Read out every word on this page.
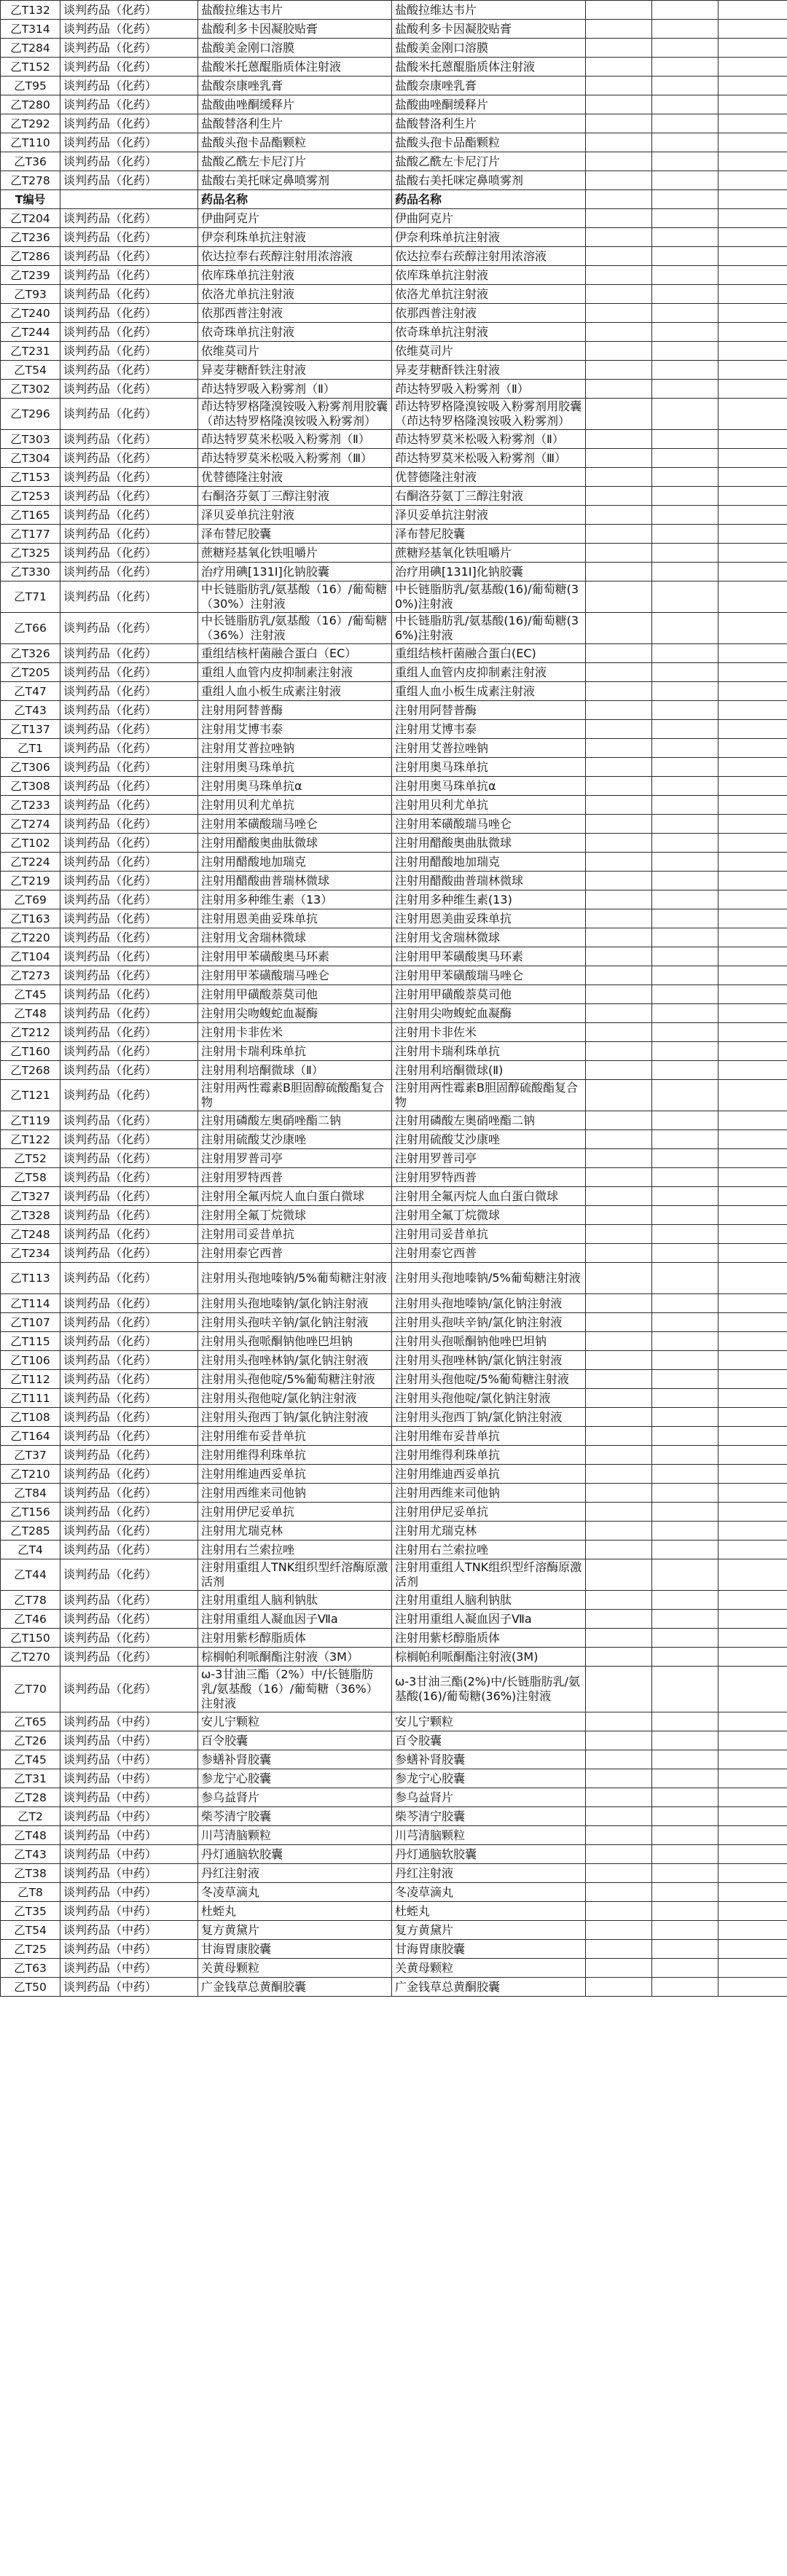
乙T132	谈判药品（化药）	盐酸拉维达韦片	盐酸拉维达韦片			
乙T314	谈判药品（化药）	盐酸利多卡因凝胶贴膏	盐酸利多卡因凝胶贴膏			
乙T284	谈判药品（化药）	盐酸美金刚口溶膜	盐酸美金刚口溶膜			
乙T152	谈判药品（化药）	盐酸米托蒽醌脂质体注射液	盐酸米托蒽醌脂质体注射液			
乙T95	谈判药品（化药）	盐酸奈康唑乳膏	盐酸奈康唑乳膏			
乙T280	谈判药品（化药）	盐酸曲唑酮缓释片	盐酸曲唑酮缓释片			
乙T292	谈判药品（化药）	盐酸替洛利生片	盐酸替洛利生片			
乙T110	谈判药品（化药）	盐酸头孢卡品酯颗粒	盐酸头孢卡品酯颗粒			
乙T36	谈判药品（化药）	盐酸乙酰左卡尼汀片	盐酸乙酰左卡尼汀片			
乙T278	谈判药品（化药）	盐酸右美托咪定鼻喷雾剂	盐酸右美托咪定鼻喷雾剂			
T编号		药品名称	药品名称			
乙T204	谈判药品（化药）	伊曲阿克片	伊曲阿克片			
乙T236	谈判药品（化药）	伊奈利珠单抗注射液	伊奈利珠单抗注射液			
乙T286	谈判药品（化药）	依达拉奉右莰醇注射用浓溶液	依达拉奉右莰醇注射用浓溶液			
乙T239	谈判药品（化药）	依库珠单抗注射液	依库珠单抗注射液			
乙T93	谈判药品（化药）	依洛尤单抗注射液	依洛尤单抗注射液			
乙T240	谈判药品（化药）	依那西普注射液	依那西普注射液			
乙T244	谈判药品（化药）	依奇珠单抗注射液	依奇珠单抗注射液			
乙T231	谈判药品（化药）	依维莫司片	依维莫司片			
乙T54	谈判药品（化药）	异麦芽糖酐铁注射液	异麦芽糖酐铁注射液			
乙T302	谈判药品（化药）	茚达特罗吸入粉雾剂（Ⅱ）	茚达特罗吸入粉雾剂（Ⅱ）			
乙T296	谈判药品（化药）	茚达特罗格隆溴铵吸入粉雾剂用胶囊（茚达特罗格隆溴铵吸入粉雾剂）	茚达特罗格隆溴铵吸入粉雾剂用胶囊（茚达特罗格隆溴铵吸入粉雾剂）			
乙T303	谈判药品（化药）	茚达特罗莫米松吸入粉雾剂（Ⅱ）	茚达特罗莫米松吸入粉雾剂（Ⅱ）			
乙T304	谈判药品（化药）	茚达特罗莫米松吸入粉雾剂（Ⅲ）	茚达特罗莫米松吸入粉雾剂（Ⅲ）			
乙T153	谈判药品（化药）	优替德隆注射液	优替德隆注射液			
乙T253	谈判药品（化药）	右酮洛芬氨丁三醇注射液	右酮洛芬氨丁三醇注射液			
乙T165	谈判药品（化药）	泽贝妥单抗注射液	泽贝妥单抗注射液			
乙T177	谈判药品（化药）	泽布替尼胶囊	泽布替尼胶囊			
乙T325	谈判药品（化药）	蔗糖羟基氧化铁咀嚼片	蔗糖羟基氧化铁咀嚼片			
乙T330	谈判药品（化药）	治疗用碘[131I]化钠胶囊	治疗用碘[131I]化钠胶囊			
乙T71	谈判药品（化药）	中长链脂肪乳/氨基酸（16）/葡萄糖（30%）注射液	中长链脂肪乳/氨基酸(16)/葡萄糖(30%)注射液			
乙T66	谈判药品（化药）	中长链脂肪乳/氨基酸（16）/葡萄糖（36%）注射液	中长链脂肪乳/氨基酸(16)/葡萄糖(36%)注射液			
乙T326	谈判药品（化药）	重组结核杆菌融合蛋白（EC）	重组结核杆菌融合蛋白(EC)			
乙T205	谈判药品（化药）	重组人血管内皮抑制素注射液	重组人血管内皮抑制素注射液			
乙T47	谈判药品（化药）	重组人血小板生成素注射液	重组人血小板生成素注射液			
乙T43	谈判药品（化药）	注射用阿替普酶	注射用阿替普酶			
乙T137	谈判药品（化药）	注射用艾博韦泰	注射用艾博韦泰			
乙T1	谈判药品（化药）	注射用艾普拉唑钠	注射用艾普拉唑钠			
乙T306	谈判药品（化药）	注射用奥马珠单抗	注射用奥马珠单抗			
乙T308	谈判药品（化药）	注射用奥马珠单抗α	注射用奥马珠单抗α			
乙T233	谈判药品（化药）	注射用贝利尤单抗	注射用贝利尤单抗			
乙T274	谈判药品（化药）	注射用苯磺酸瑞马唑仑	注射用苯磺酸瑞马唑仑			
乙T102	谈判药品（化药）	注射用醋酸奥曲肽微球	注射用醋酸奥曲肽微球			
乙T224	谈判药品（化药）	注射用醋酸地加瑞克	注射用醋酸地加瑞克			
乙T219	谈判药品（化药）	注射用醋酸曲普瑞林微球	注射用醋酸曲普瑞林微球			
乙T69	谈判药品（化药）	注射用多种维生素（13）	注射用多种维生素(13)			
乙T163	谈判药品（化药）	注射用恩美曲妥珠单抗	注射用恩美曲妥珠单抗			
乙T220	谈判药品（化药）	注射用戈舍瑞林微球	注射用戈舍瑞林微球			
乙T104	谈判药品（化药）	注射用甲苯磺酸奥马环素	注射用甲苯磺酸奥马环素			
乙T273	谈判药品（化药）	注射用甲苯磺酸瑞马唑仑	注射用甲苯磺酸瑞马唑仑			
乙T45	谈判药品（化药）	注射用甲磺酸萘莫司他	注射用甲磺酸萘莫司他			
乙T48	谈判药品（化药）	注射用尖吻蝮蛇血凝酶	注射用尖吻蝮蛇血凝酶			
乙T212	谈判药品（化药）	注射用卡非佐米	注射用卡非佐米			
乙T160	谈判药品（化药）	注射用卡瑞利珠单抗	注射用卡瑞利珠单抗			
乙T268	谈判药品（化药）	注射用利培酮微球（Ⅱ）	注射用利培酮微球(Ⅱ)			
乙T121	谈判药品（化药）	注射用两性霉素B胆固醇硫酸酯复合物	注射用两性霉素B胆固醇硫酸酯复合物			
乙T119	谈判药品（化药）	注射用磷酸左奥硝唑酯二钠	注射用磷酸左奥硝唑酯二钠			
乙T122	谈判药品（化药）	注射用硫酸艾沙康唑	注射用硫酸艾沙康唑			
乙T52	谈判药品（化药）	注射用罗普司亭	注射用罗普司亭			
乙T58	谈判药品（化药）	注射用罗特西普	注射用罗特西普			
乙T327	谈判药品（化药）	注射用全氟丙烷人血白蛋白微球	注射用全氟丙烷人血白蛋白微球			
乙T328	谈判药品（化药）	注射用全氟丁烷微球	注射用全氟丁烷微球			
乙T248	谈判药品（化药）	注射用司妥昔单抗	注射用司妥昔单抗			
乙T234	谈判药品（化药）	注射用泰它西普	注射用泰它西普			
乙T113	谈判药品（化药）	注射用头孢地嗪钠/5%葡萄糖注射液	注射用头孢地嗪钠/5%葡萄糖注射液			
乙T114	谈判药品（化药）	注射用头孢地嗪钠/氯化钠注射液	注射用头孢地嗪钠/氯化钠注射液			
乙T107	谈判药品（化药）	注射用头孢呋辛钠/氯化钠注射液	注射用头孢呋辛钠/氯化钠注射液			
乙T115	谈判药品（化药）	注射用头孢哌酮钠他唑巴坦钠	注射用头孢哌酮钠他唑巴坦钠			
乙T106	谈判药品（化药）	注射用头孢唑林钠/氯化钠注射液	注射用头孢唑林钠/氯化钠注射液			
乙T112	谈判药品（化药）	注射用头孢他啶/5%葡萄糖注射液	注射用头孢他啶/5%葡萄糖注射液			
乙T111	谈判药品（化药）	注射用头孢他啶/氯化钠注射液	注射用头孢他啶/氯化钠注射液			
乙T108	谈判药品（化药）	注射用头孢西丁钠/氯化钠注射液	注射用头孢西丁钠/氯化钠注射液			
乙T164	谈判药品（化药）	注射用维布妥昔单抗	注射用维布妥昔单抗			
乙T37	谈判药品（化药）	注射用维得利珠单抗	注射用维得利珠单抗			
乙T210	谈判药品（化药）	注射用维迪西妥单抗	注射用维迪西妥单抗			
乙T84	谈判药品（化药）	注射用西维来司他钠	注射用西维来司他钠			
乙T156	谈判药品（化药）	注射用伊尼妥单抗	注射用伊尼妥单抗			
乙T285	谈判药品（化药）	注射用尤瑞克林	注射用尤瑞克林			
乙T4	谈判药品（化药）	注射用右兰索拉唑	注射用右兰索拉唑			
乙T44	谈判药品（化药）	注射用重组人TNK组织型纤溶酶原激活剂	注射用重组人TNK组织型纤溶酶原激活剂			
乙T78	谈判药品（化药）	注射用重组人脑利钠肽	注射用重组人脑利钠肽			
乙T46	谈判药品（化药）	注射用重组人凝血因子Ⅶa	注射用重组人凝血因子Ⅶa			
乙T150	谈判药品（化药）	注射用紫杉醇脂质体	注射用紫杉醇脂质体			
乙T270	谈判药品（化药）	棕榈帕利哌酮酯注射液（3M）	棕榈帕利哌酮酯注射液(3M)			
乙T70	谈判药品（化药）	ω-3甘油三酯（2%）中/长链脂肪乳/氨基酸（16）/葡萄糖（36%）注射液	ω-3甘油三酯(2%)中/长链脂肪乳/氨基酸(16)/葡萄糖(36%)注射液			
乙T65	谈判药品（中药）	安儿宁颗粒	安儿宁颗粒			
乙T26	谈判药品（中药）	百令胶囊	百令胶囊			
乙T45	谈判药品（中药）	参蟮补肾胶囊	参蟮补肾胶囊			
乙T31	谈判药品（中药）	参龙宁心胶囊	参龙宁心胶囊			
乙T28	谈判药品（中药）	参乌益肾片	参乌益肾片			
乙T2	谈判药品（中药）	柴芩清宁胶囊	柴芩清宁胶囊			
乙T48	谈判药品（中药）	川芎清脑颗粒	川芎清脑颗粒			
乙T43	谈判药品（中药）	丹灯通脑软胶囊	丹灯通脑软胶囊			
乙T38	谈判药品（中药）	丹红注射液	丹红注射液			
乙T8	谈判药品（中药）	冬凌草滴丸	冬凌草滴丸			
乙T35	谈判药品（中药）	杜蛭丸	杜蛭丸			
乙T54	谈判药品（中药）	复方黄黛片	复方黄黛片			
乙T25	谈判药品（中药）	甘海胃康胶囊	甘海胃康胶囊			
乙T63	谈判药品（中药）	关黄母颗粒	关黄母颗粒			
乙T50	谈判药品（中药）	广金钱草总黄酮胶囊	广金钱草总黄酮胶囊			
